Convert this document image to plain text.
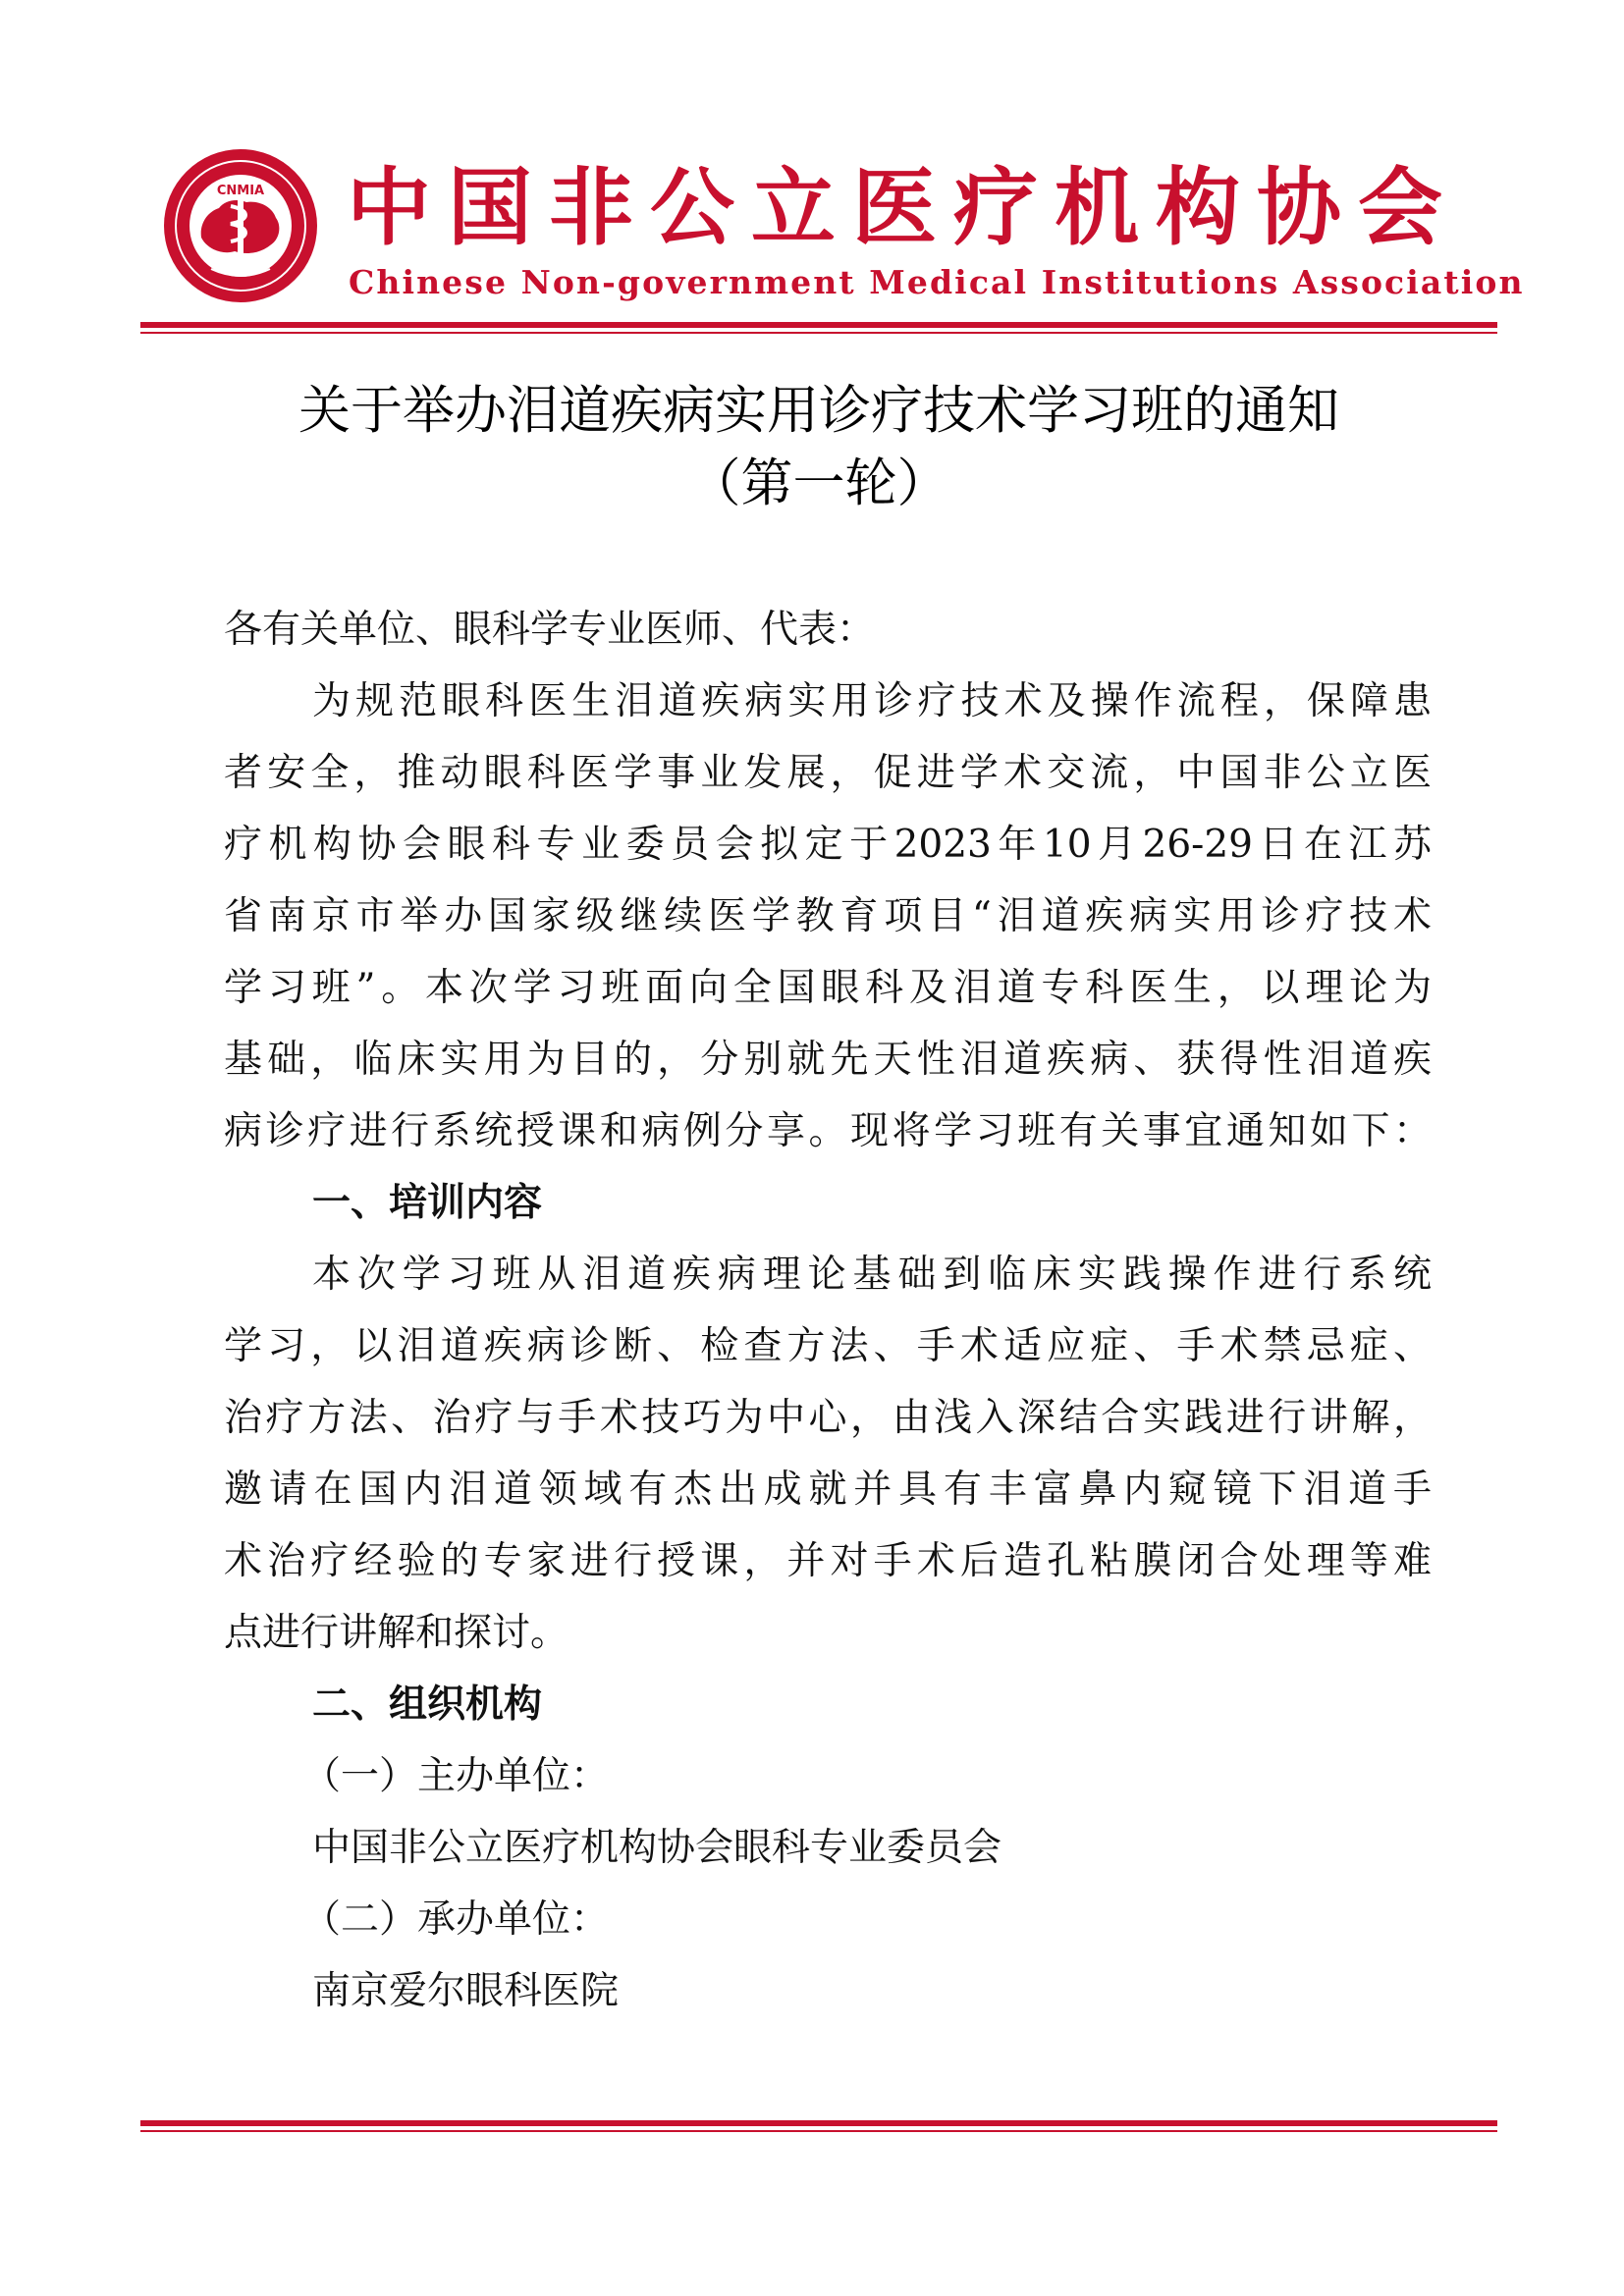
CNMIA 中国非公立医疗机构协会
Chinese Non-government Medical Institutions Association
关于举办泪道疾病实用诊疗技术学习班的通知
（第一轮）
各有关单位、眼科学专业医师、代表：
为规范眼科医生泪道疾病实用诊疗技术及操作流程，保障患
者安全，推动眼科医学事业发展，促进学术交流，中国非公立医
疗机构协会眼科专业委员会拟定于2023年10月26-29日在江苏
省南京市举办国家级继续医学教育项目“泪道疾病实用诊疗技术
学习班”。本次学习班面向全国眼科及泪道专科医生，以理论为
基础，临床实用为目的，分别就先天性泪道疾病、获得性泪道疾
病诊疗进行系统授课和病例分享。现将学习班有关事宜通知如下：
一、培训内容
本次学习班从泪道疾病理论基础到临床实践操作进行系统
学习，以泪道疾病诊断、检查方法、手术适应症、手术禁忌症、
治疗方法、治疗与手术技巧为中心，由浅入深结合实践进行讲解，
邀请在国内泪道领域有杰出成就并具有丰富鼻内窥镜下泪道手
术治疗经验的专家进行授课，并对手术后造孔粘膜闭合处理等难
点进行讲解和探讨。
二、组织机构
（一）主办单位：
中国非公立医疗机构协会眼科专业委员会
（二）承办单位：
南京爱尔眼科医院
